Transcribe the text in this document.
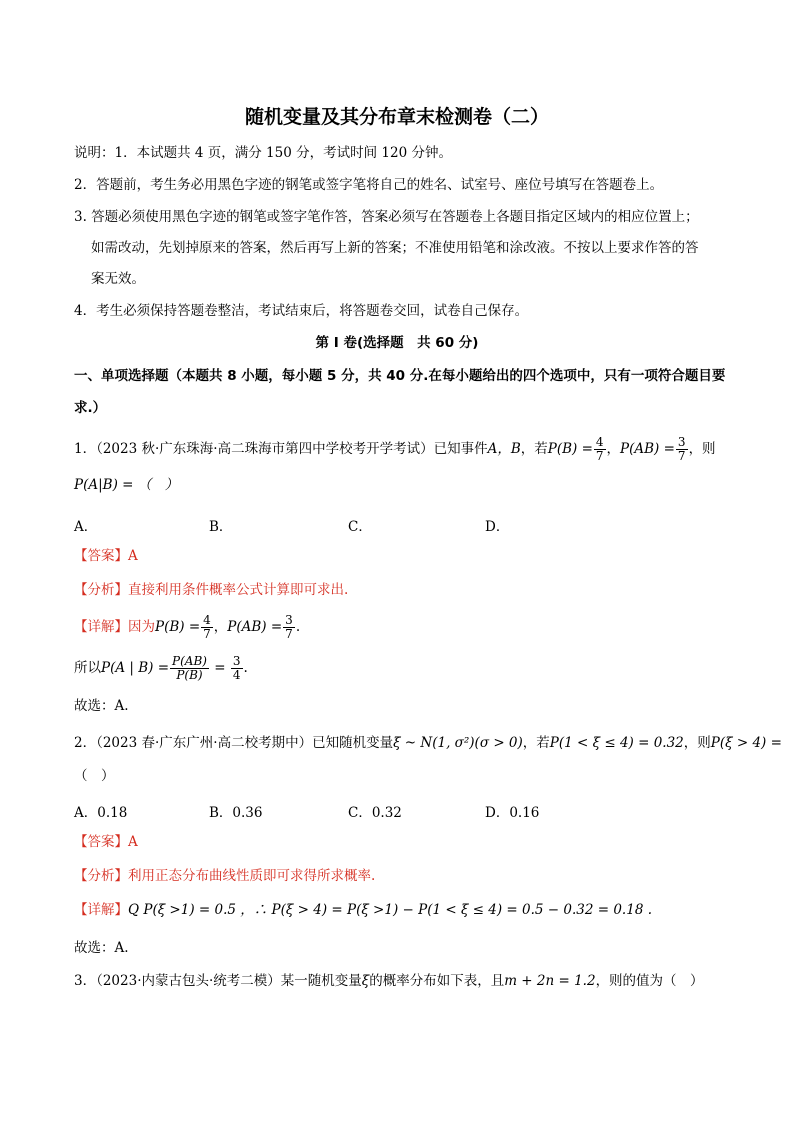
随机变量及其分布章末检测卷（二）
说明：1．本试题共 4 页，满分 150 分，考试时间 120 分钟。
2．答题前，考生务必用黑色字迹的钢笔或签字笔将自己的姓名、试室号、座位号填写在答题卷上。
3. 答题必须使用黑色字迹的钢笔或签字笔作答，答案必须写在答题卷上各题目指定区域内的相应位置上；
如需改动，先划掉原来的答案，然后再写上新的答案；不准使用铅笔和涂改液。不按以上要求作答的答
案无效。
4．考生必须保持答题卷整洁，考试结束后，将答题卷交回，试卷自己保存。
第 I 卷(选择题　共 60 分)
一、单项选择题（本题共 8 小题，每小题 5 分，共 40 分.在每小题给出的四个选项中，只有一项符合题目要
求.）
1．（2023 秋·广东珠海·高二珠海市第四中学校考开学考试）已知事件A，B，若$P(B) = \frac{4}{7}$ ，$P(AB) = \frac{3}{7}$ ，则
P(A|B) = （　）
A．	B．	C．	D．
【答案】A
【分析】直接利用条件概率公式计算即可求出.
【详解】因为$P(B) = \frac{4}{7}$ ，$P(AB) = \frac{3}{7}$ .
所以P(A | $B) = \frac{P(AB)}{P(B)} = \frac{3}{4}$ .
故选：A.
2．（2023 春·广东广州·高二校考期中）已知随机变量ξ ~ N(1, σ²)(σ > 0)，若P(1 < ξ ≤ 4) = 0.32，则P(ξ > 4) =
（　）
A．0.18	B．0.36	C．0.32	D．0.16
【答案】A
【分析】利用正态分布曲线性质即可求得所求概率.
【详解】Q P(ξ >1) = 0.5 ，∴ P(ξ > 4) = P(ξ >1) − P(1 < ξ ≤ 4) = 0.5 − 0.32 = 0.18 .
故选：A.
3．（2023·内蒙古包头·统考二模）某一随机变量ξ的概率分布如下表，且m + 2n = 1.2，则的值为（　）
